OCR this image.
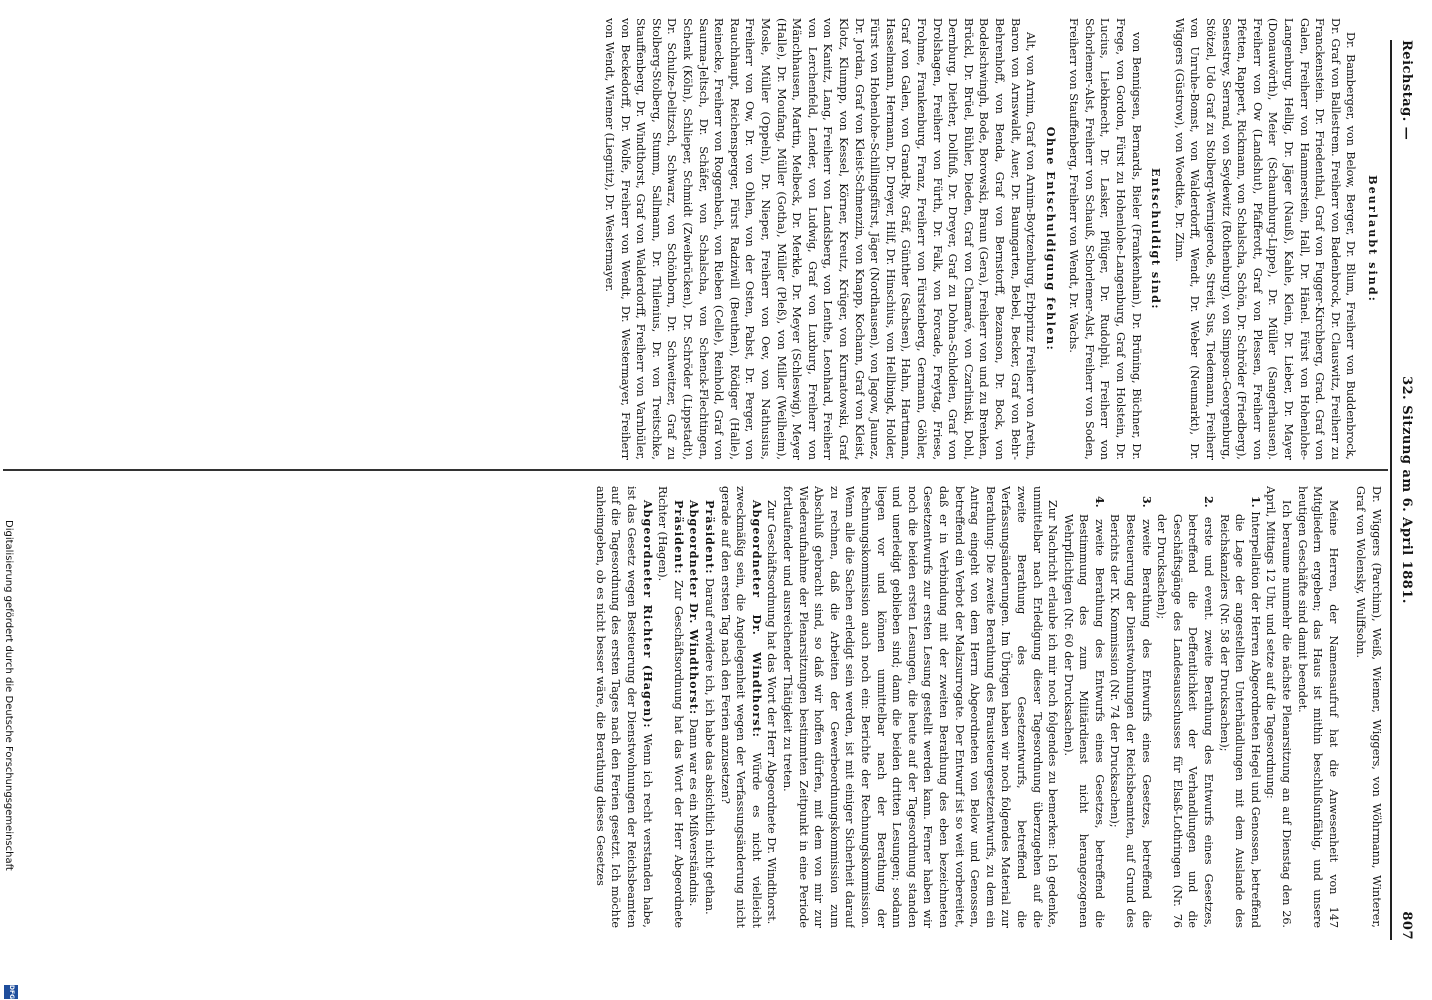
Reichstag. —
32. Sitzung am 6. April 1881.
807

Beurlaubt sind:

Dr. Bamberger, von Below, Berger, Dr. Blum, Freiherr von Buddenbrock, Dr. Graf von Ballestrem. Freiherr von Badenbrock, Dr. Clauswitz, Freiherr zu Franckenstein. Dr. Friedenthal, Graf von Fugger-Kirchberg, Grad. Graf von Galen, Freiherr von Hammerstein, Hall, Dr. Hänel. Fürst von Hohenlohe-Langenburg, Hellig, Dr. Jäger (Nauß), Kahle, Klein, Dr. Lieber, Dr. Mayer (Donauwörth), Meier (Schaumburg-Lippe), Dr. Müller (Sangerhausen). Freiherr von Ow (Landshut), Pfafferott, Graf von Plessen, Freiherr von Pfetten, Rappert, Rickmann, von Schalscha, Schön, Dr. Schröder (Friedberg), Senestrey, Serrand, von Seydewitz (Rothenburg), von Simpson-Georgenburg, Stötzel, Udo Graf zu Stolberg-Wernigerode, Streit, Sus, Tiedemann, Freiherr von Unruhe-Bomst, von Walderdorff, Wendt, Dr. Weber (Neumarkt), Dr. Wiggers (Güstrow), von Woedtke, Dr. Zinn.

Entschuldigt sind:

von Bennigsen, Bernards, Bieler (Frankenhain), Dr. Brüning, Büchner, Dr. Frege, von Gordon, Fürst zu Hohenlohe-Langenburg, Graf von Holstein, Dr. Lucius, Liebknecht, Dr. Lasker, Pflüger, Dr. Rudolphi, Freiherr von Schorlemer-Alst, Freiherr von Schauß, Schorlemer-Alst, Freiherr von Soden, Freiherr von Stauffenberg, Freiherr von Wendt, Dr. Wachs.

Ohne Entschuldigung fehlen:

Alt, von Arnim, Graf von Arnim-Boytzenburg, Erbprinz Freiherr von Aretin, Baron von Arnswaldt, Auer, Dr. Baumgarten, Bebel, Becker, Graf von Behr-Behrenhoff, von Benda, Graf von Bernstorff, Bezanson, Dr. Bock, von Bodelschwingh, Bode, Borowski, Braun (Gera), Freiherr von und zu Brenken, Brückl, Dr. Brüel, Bühler, Dieden, Graf von Chamaré, von Czarlinski, Dohl, Dernburg, Diether, Dollfuß, Dr. Dreyer, Graf zu Dohna-Schlodien, Graf von Drolshagen, Freiherr von Fürth, Dr. Falk, von Forcade, Freytag, Friese, Frohme, Frankenburg, Franz, Freiherr von Fürstenberg, Germann, Göhler, Graf von Galen, von Grand-Ry, Gräf, Günther (Sachsen), Hahn, Hartmann, Hasselmann, Hermann, Dr. Dreyer, Hilf, Dr. Hinschius, von Hellbingk, Holder, Fürst von Hohenlohe-Schillingsfürst, Jäger (Nordhausen), von Jagow, Jaunez, Dr. Jordan, Graf von Kleist-Schmenzin, von Knapp, Kochann, Graf von Kleist, Klotz, Klumpp, von Kessel, Körner, Kreutz, Krüger, von Kurnatowski, Graf von Kanitz, Lang, Freiherr von Landsberg, von Lenthe, Leonhard, Freiherr von Lerchenfeld, Lender, von Ludwig, Graf von Luxburg, Freiherr von Mänchhausen, Martin, Melbeck, Dr. Merkle, Dr. Meyer (Schleswig), Meyer (Halle), Dr. Moufang, Müller (Gotha), Müller (Pleß), von Miller (Weilheim), Mosle, Müller (Oppeln), Dr. Nieper, Freiherr von Oev, von Nathusius, Freiherr von Ow, Dr. von Ohlen, von der Osten, Pabst, Dr. Perger, von Rauchhaupt, Reichensperger, Fürst Radziwill (Beuthen), Rödiger (Halle), Reinecke, Freiherr von Roggenbach, von Rieben (Celle), Reinhold, Graf von Saurma-Jeltsch, Dr. Schäfer, von Schalscha, von Schenck-Flechtingen, Schenk (Köln), Schlieper, Schmidt (Zweibrücken), Dr. Schröder (Lippstadt), Dr. Schulze-Delitzsch, Schwarz, von Schönborn, Dr. Schweitzer, Graf zu Stolberg-Stolberg, Stumm, Sallmann, Dr. Thilenius, Dr. von Treitschke, Stauffenberg, Dr. Windthorst, Graf von Walderdorff, Freiherr von Varnbüler, von Beckedorff, Dr. Wolfe, Freiherr von Wendt, Dr. Westermayer, Freiherr von Wendt, Wiemer (Liegnitz), Dr. Westermayer.

Dr. Wiggers (Parchim), Weiß, Wiemer, Wiggers, von Wöhrmann, Winterer, Graf von Wolensky, Wulffsohn.

Meine Herren, der Namensaufruf hat die Anwesenheit von 147 Mitgliedern ergeben; das Haus ist mithin beschlußunfähig, und unsere heutigen Geschäfte sind damit beendet.

Ich beraume nunmehr die nächste Plenarsitzung an auf Dienstag den 26. April, Mittags 12 Uhr, und setze auf die Tagesordnung:

1. Interpellation der Herren Abgeordneten Hegel und Genossen, betreffend die Lage der angestellten Unterhändlungen mit dem Auslande des Reichskanzlers (Nr. 58 der Drucksachen);

2. erste und event. zweite Berathung des Entwurfs eines Gesetzes, betreffend die Deffentlichkeit der Verhandlungen und die Geschäftsgänge des Landesausschusses für Elsaß-Lothringen (Nr. 76 der Drucksachen);

3. zweite Berathung des Entwurfs eines Gesetzes, betreffend die Besteuerung der Dienstwohnungen der Reichsbeamten, auf Grund des Berichts der IX. Kommission (Nr. 74 der Drucksachen);

4. zweite Berathung des Entwurfs eines Gesetzes, betreffend die Bestimmung des zum Militärdienst nicht herangezogenen Wehrpflichtigen (Nr. 60 der Drucksachen).

Zur Nachricht erlaube ich mir noch folgendes zu bemerken: Ich gedenke, unmittelbar nach Erledigung dieser Tagesordnung überzugehen auf die zweite Berathung des Gesetzentwurfs, betreffend die Verfassungsänderungen. Im Übrigen haben wir noch folgendes Material zur Berathung: Die zweite Berathung des Brausteuergesetzentwurfs, zu dem ein Antrag eingeht von dem Herrn Abgeordneten von Below und Genossen, betreffend ein Verbot der Malzsurrogate. Der Entwurf ist so weit vorbereitet, daß er in Verbindung mit der zweiten Berathung des eben bezeichneten Gesetzentwurfs zur ersten Lesung gestellt werden kann. Ferner haben wir noch die beiden ersten Lesungen, die heute auf der Tagesordnung standen und unerledigt geblieben sind; dann die beiden dritten Lesungen; sodann liegen vor und können unmittelbar nach der Berathung der Rechnungskommission auch noch ein: Berichte der Rechnungskommission. Wenn alle die Sachen erledigt sein werden, ist mit einiger Sicherheit darauf zu rechnen, daß die Arbeiten der Gewerbeordnungskommission zum Abschluß gebracht sind, so daß wir hoffen dürfen, mit dem von mir zur Wiederaufnahme der Plenarsitzungen bestimmten Zeitpunkt in eine Periode fortlaufender und ausreichender Thätigkeit zu treten.

Zur Geschäftsordnung hat das Wort der Herr Abgeordnete Dr. Windthorst.

Abgeordneter Dr. Windthorst: Würde es nicht vielleicht zweckmäßig sein, die Angelegenheit wegen der Verfassungsänderung nicht gerade auf den ersten Tag nach den Ferien anzusetzen?

Präsident: Darauf erwidere ich, ich habe das absichtlich nicht gethan.

Abgeordneter Dr. Windthorst: Dann war es ein Mißverständnis.

Präsident: Zur Geschäftsordnung hat das Wort der Herr Abgeordnete Richter (Hagen).

Abgeordneter Richter (Hagen): Wenn ich recht verstanden habe, ist das Gesetz wegen Besteuerung der Dienstwohnungen der Reichsbeamten auf die Tagesordnung des ersten Tages nach den Ferien gesetzt. Ich möchte anheimgeben, ob es nicht besser wäre, die Berathung dieses Gesetzes

Digitalisierung gefördert durch die Deutsche Forschungsgemeinschaft
DFG
